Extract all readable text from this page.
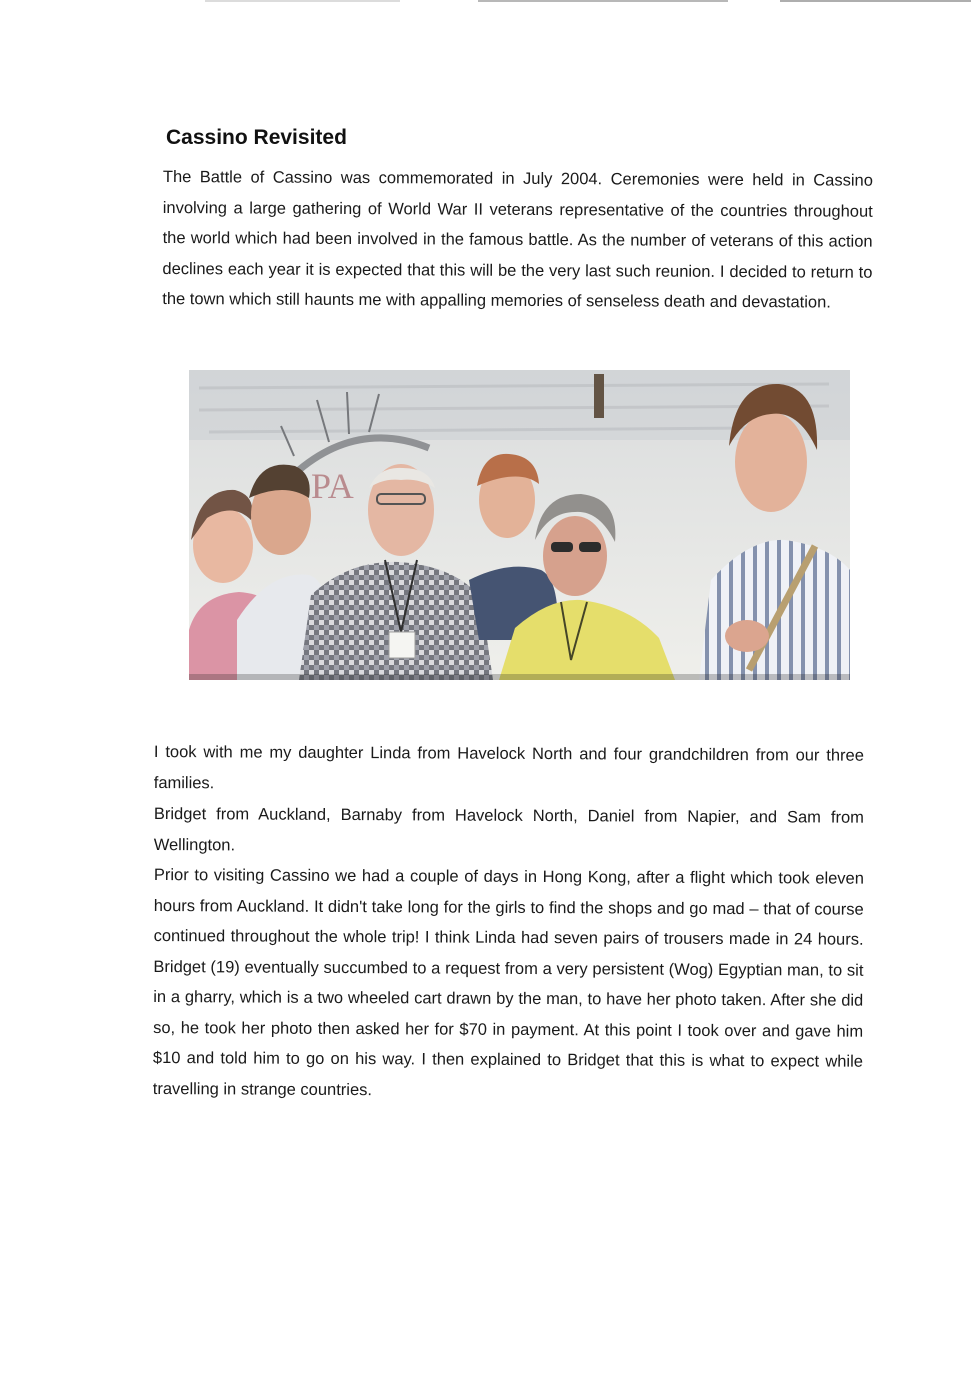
Cassino Revisited

The Battle of Cassino was commemorated in July 2004. Ceremonies were held in Cassino involving a large gathering of World War II veterans representative of the countries throughout the world which had been involved in the famous battle. As the number of veterans of this action declines each year it is expected that this will be the very last such reunion. I decided to return to the town which still haunts me with appalling memories of senseless death and devastation.

PA

I took with me my daughter Linda from Havelock North and four grandchildren from our three families.

Bridget from Auckland, Barnaby from Havelock North, Daniel from Napier, and Sam from Wellington.

Prior to visiting Cassino we had a couple of days in Hong Kong, after a flight which took eleven hours from Auckland. It didn't take long for the girls to find the shops and go mad – that of course continued throughout the whole trip! I think Linda had seven pairs of trousers made in 24 hours. Bridget (19) eventually succumbed to a request from a very persistent (Wog) Egyptian man, to sit in a gharry, which is a two wheeled cart drawn by the man, to have her photo taken. After she did so, he took her photo then asked her for $70 in payment. At this point I took over and gave him $10 and told him to go on his way. I then explained to Bridget that this is what to expect while travelling in strange countries.
